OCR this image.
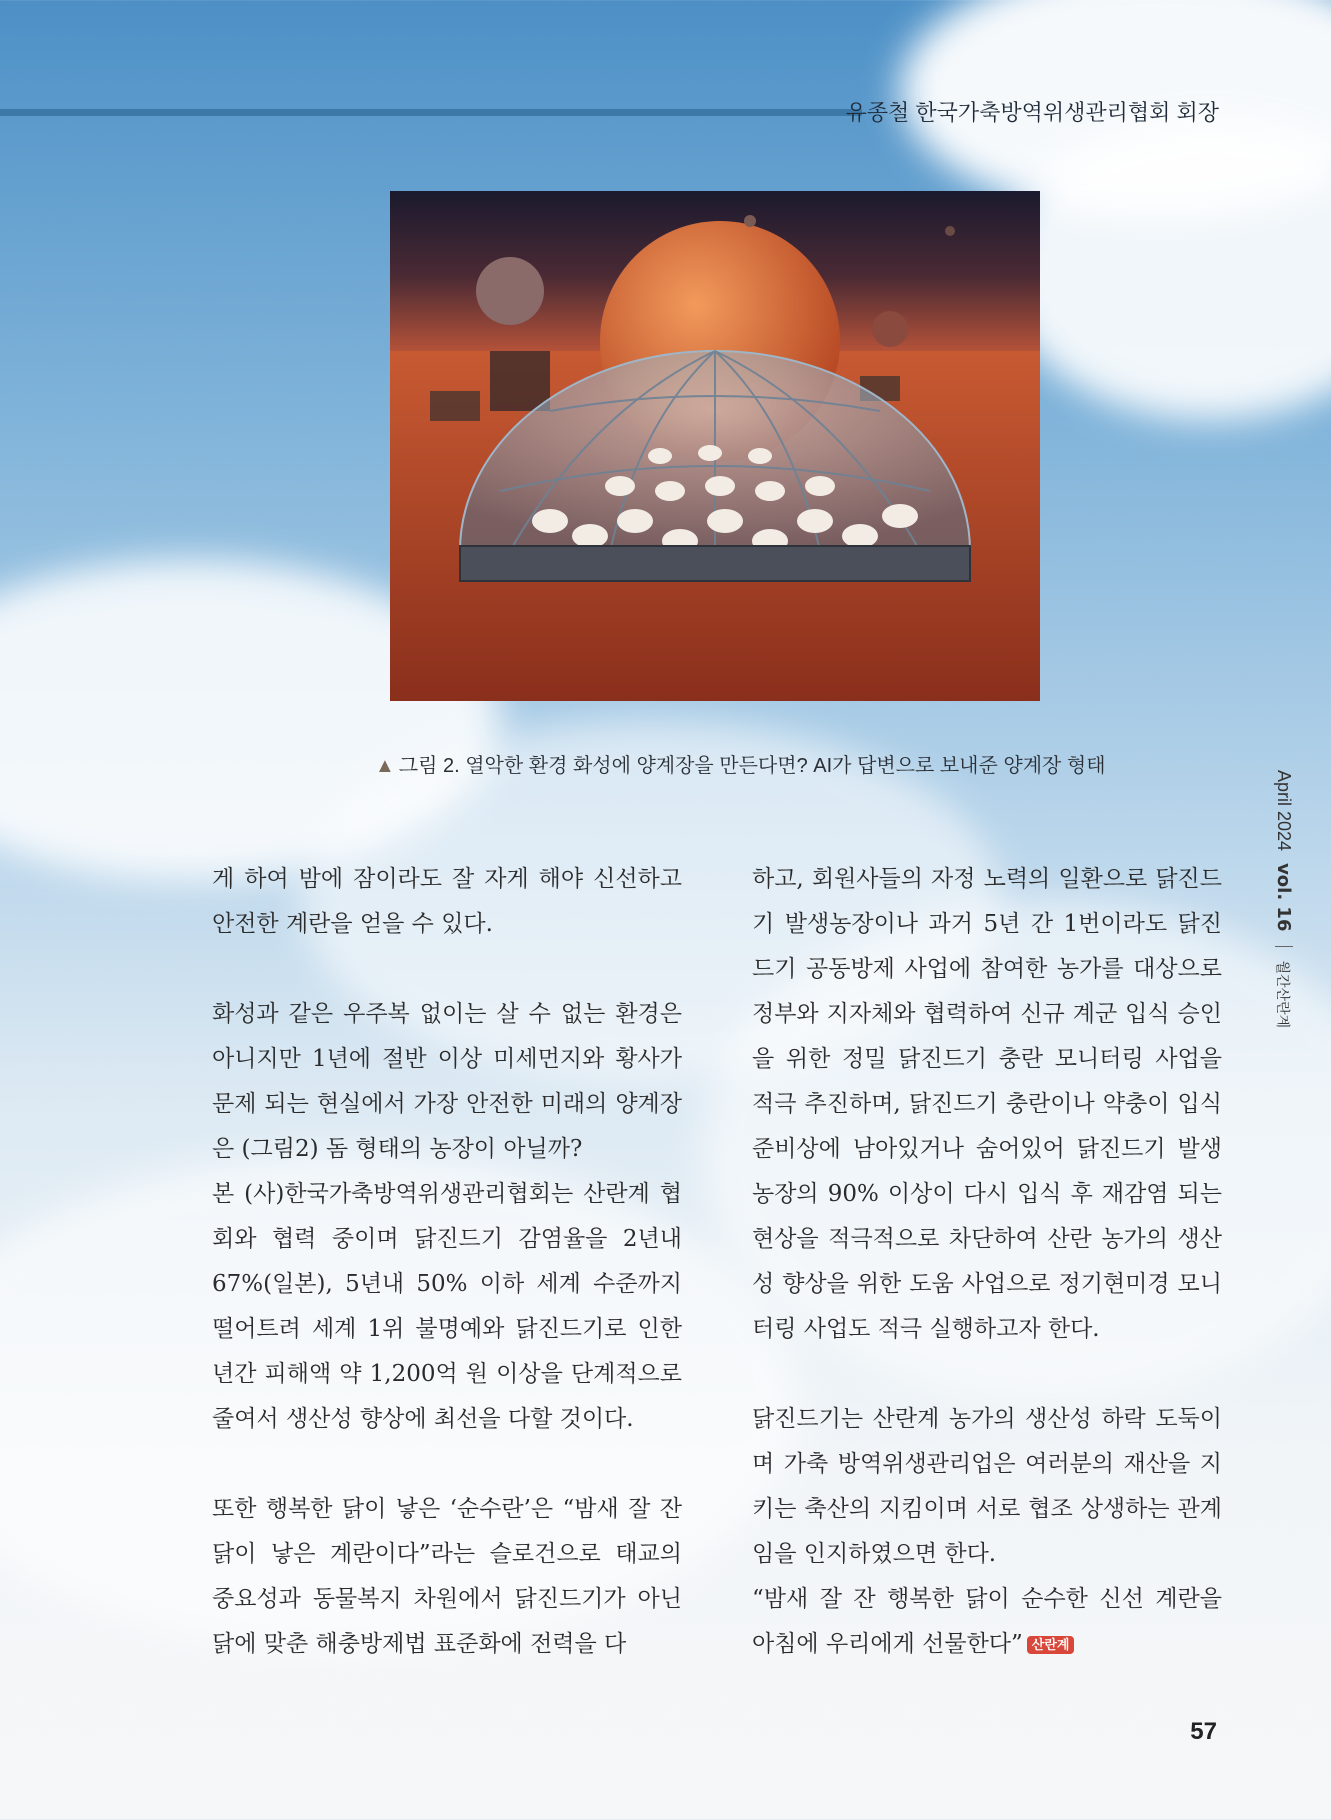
유종철 한국가축방역위생관리협회 회장
▲ 그림 2. 열악한 환경 화성에 양계장을 만든다면? AI가 답변으로 보내준 양계장 형태

게 하여 밤에 잠이라도 잘 자게 해야 신선하고 안전한 계란을 얻을 수 있다.

화성과 같은 우주복 없이는 살 수 없는 환경은 아니지만 1년에 절반 이상 미세먼지와 황사가 문제 되는 현실에서 가장 안전한 미래의 양계장은 (그림2) 돔 형태의 농장이 아닐까?

본 (사)한국가축방역위생관리협회는 산란계 협회와 협력 중이며 닭진드기 감염율을 2년내 67%(일본), 5년내 50% 이하 세계 수준까지 떨어트려 세계 1위 불명예와 닭진드기로 인한 년간 피해액 약 1,200억 원 이상을 단계적으로 줄여서 생산성 향상에 최선을 다할 것이다.

또한 행복한 닭이 낳은 ‘순수란’은 “밤새 잘 잔 닭이 낳은 계란이다”라는 슬로건으로 태교의 중요성과 동물복지 차원에서 닭진드기가 아닌 닭에 맞춘 해충방제법 표준화에 전력을 다

하고, 회원사들의 자정 노력의 일환으로 닭진드기 발생농장이나 과거 5년 간 1번이라도 닭진드기 공동방제 사업에 참여한 농가를 대상으로 정부와 지자체와 협력하여 신규 계군 입식 승인을 위한 정밀 닭진드기 충란 모니터링 사업을 적극 추진하며, 닭진드기 충란이나 약충이 입식 준비상에 남아있거나 숨어있어 닭진드기 발생 농장의 90% 이상이 다시 입식 후 재감염 되는 현상을 적극적으로 차단하여 산란 농가의 생산성 향상을 위한 도움 사업으로 정기현미경 모니터링 사업도 적극 실행하고자 한다.

닭진드기는 산란계 농가의 생산성 하락 도둑이며 가축 방역위생관리업은 여러분의 재산을 지키는 축산의 지킴이며 서로 협조 상생하는 관계임을 인지하였으면 한다.

“밤새 잘 잔 행복한 닭이 순수한 신선 계란을 아침에 우리에게 선물한다” 산란계

April 2024vol. 16월간산란계
57
